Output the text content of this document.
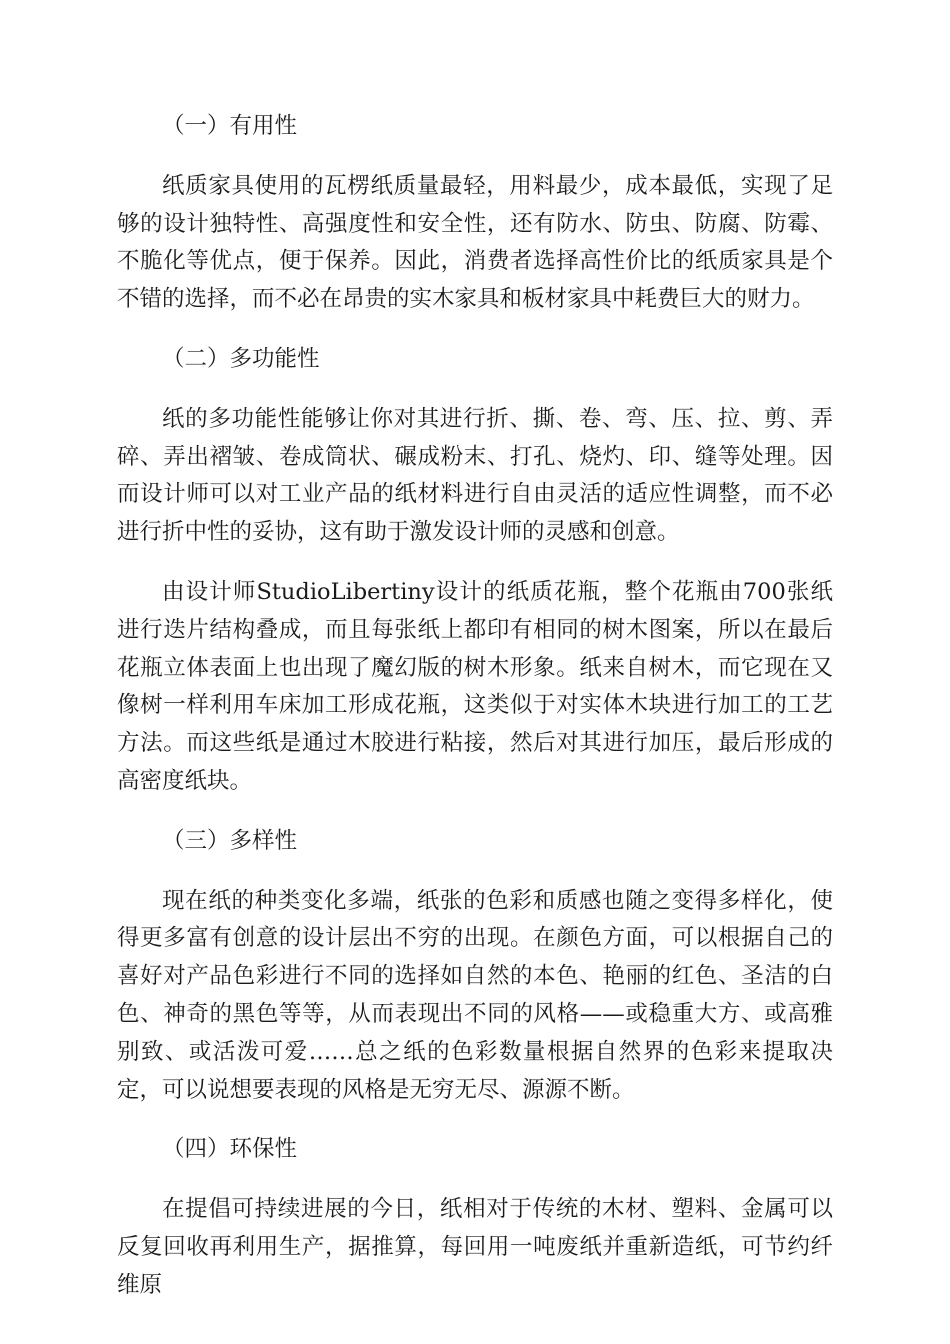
（一）有用性
纸质家具使用的瓦楞纸质量最轻，用料最少，成本最低，实现了足够的设计独特性、高强度性和安全性，还有防水、防虫、防腐、防霉、不脆化等优点，便于保养。因此，消费者选择高性价比的纸质家具是个不错的选择，而不必在昂贵的实木家具和板材家具中耗费巨大的财力。
（二）多功能性
纸的多功能性能够让你对其进行折、撕、卷、弯、压、拉、剪、弄碎、弄出褶皱、卷成筒状、碾成粉末、打孔、烧灼、印、缝等处理。因而设计师可以对工业产品的纸材料进行自由灵活的适应性调整，而不必进行折中性的妥协，这有助于激发设计师的灵感和创意。
由设计师StudioLibertiny设计的纸质花瓶，整个花瓶由700张纸进行迭片结构叠成，而且每张纸上都印有相同的树木图案，所以在最后花瓶立体表面上也出现了魔幻版的树木形象。纸来自树木，而它现在又像树一样利用车床加工形成花瓶，这类似于对实体木块进行加工的工艺方法。而这些纸是通过木胶进行粘接，然后对其进行加压，最后形成的高密度纸块。
（三）多样性
现在纸的种类变化多端，纸张的色彩和质感也随之变得多样化，使得更多富有创意的设计层出不穷的出现。在颜色方面，可以根据自己的喜好对产品色彩进行不同的选择如自然的本色、艳丽的红色、圣洁的白色、神奇的黑色等等，从而表现出不同的风格——或稳重大方、或高雅别致、或活泼可爱……总之纸的色彩数量根据自然界的色彩来提取决定，可以说想要表现的风格是无穷无尽、源源不断。
（四）环保性
在提倡可持续进展的今日，纸相对于传统的木材、塑料、金属可以反复回收再利用生产，据推算，每回用一吨废纸并重新造纸，可节约纤维原
